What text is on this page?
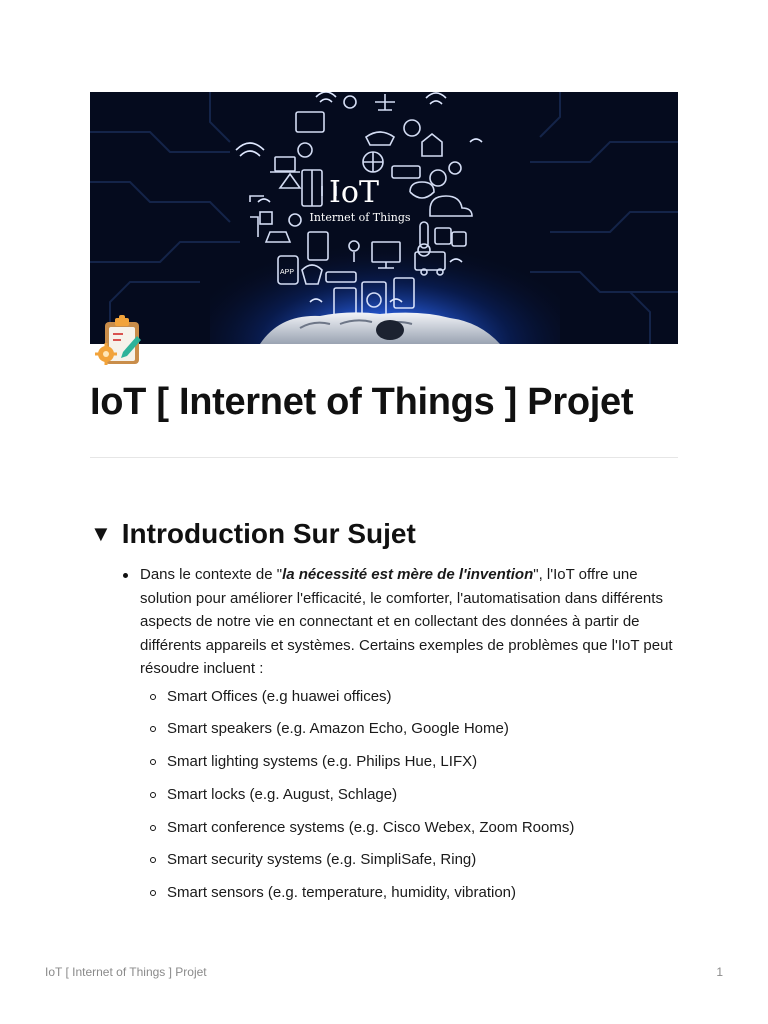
IoT
Internet of Things
APP
IoT [ Internet of Things ] Projet
▼ Introduction Sur Sujet
Dans le contexte de "la nécessité est mère de l'invention", l'IoT offre une solution pour améliorer l'efficacité, le comforter, l'automatisation dans différents aspects de notre vie en connectant et en collectant des données à partir de différents appareils et systèmes. Certains exemples de problèmes que l'IoT peut résoudre incluent :
Smart Offices (e.g huawei offices)
Smart speakers (e.g. Amazon Echo, Google Home)
Smart lighting systems (e.g. Philips Hue, LIFX)
Smart locks (e.g. August, Schlage)
Smart conference systems (e.g. Cisco Webex, Zoom Rooms)
Smart security systems (e.g. SimpliSafe, Ring)
Smart sensors (e.g. temperature, humidity, vibration)
IoT [ Internet of Things ] Projet	1
